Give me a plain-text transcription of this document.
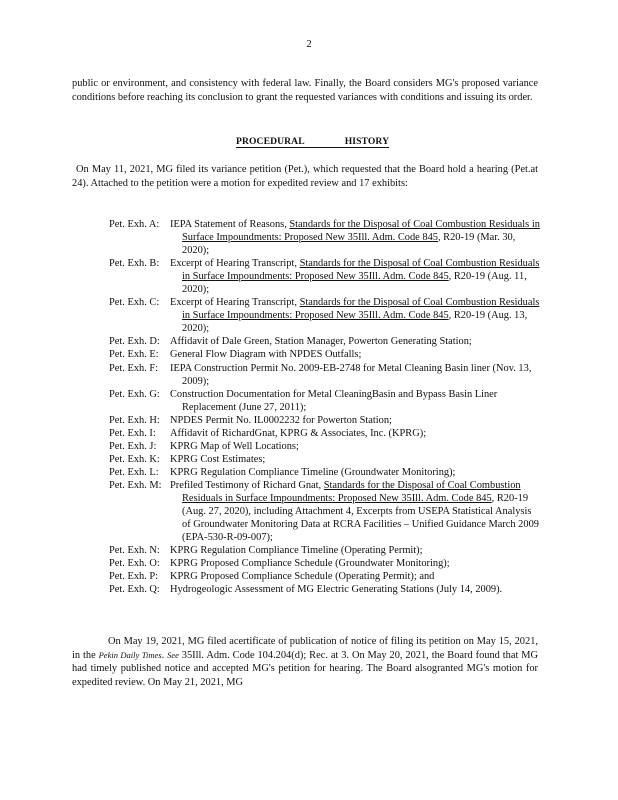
2
public or environment, and consistency with federal law. Finally, the Board considers MG's proposed variance conditions before reaching its conclusion to grant the requested variances with conditions and issuing its order.
PROCEDURAL	HISTORY
On May 11, 2021, MG filed its variance petition (Pet.), which requested that the Board hold a hearing (Pet.at 24). Attached to the petition were a motion for expedited review and 17 exhibits:
Pet. Exh. A:	IEPA Statement of Reasons, Standards for the Disposal of Coal Combustion Residuals in Surface Impoundments: Proposed New 35Ill. Adm. Code 845, R20-19 (Mar. 30, 2020);
Pet. Exh. B:	Excerpt of Hearing Transcript, Standards for the Disposal of Coal Combustion Residuals in Surface Impoundments: Proposed New 35Ill. Adm. Code 845, R20-19 (Aug. 11, 2020);
Pet. Exh. C:	Excerpt of Hearing Transcript, Standards for the Disposal of Coal Combustion Residuals in Surface Impoundments: Proposed New 35Ill. Adm. Code 845, R20-19 (Aug. 13, 2020);
Pet. Exh. D: Affidavit of Dale Green, Station Manager, Powerton Generating Station;
Pet. Exh. E:	General Flow Diagram with NPDES Outfalls;
Pet. Exh. F:	IEPA Construction Permit No. 2009-EB-2748 for Metal Cleaning Basin liner (Nov. 13, 2009);
Pet. Exh. G: Construction Documentation for Metal CleaningBasin and Bypass Basin Liner Replacement (June 27, 2011);
Pet. Exh. H: NPDES Permit No. IL0002232 for Powerton Station;
Pet. Exh. I:	Affidavit of RichardGnat, KPRG & Associates, Inc. (KPRG);
Pet. Exh. J:	KPRG Map of Well Locations;
Pet. Exh. K: KPRG Cost Estimates;
Pet. Exh. L:	KPRG Regulation Compliance Timeline (Groundwater Monitoring);
Pet. Exh. M: Prefiled Testimony of Richard Gnat, Standards for the Disposal of Coal Combustion Residuals in Surface Impoundments: Proposed New 35Ill. Adm. Code 845, R20-19 (Aug. 27, 2020), including Attachment 4, Excerpts from USEPA Statistical Analysis of Groundwater Monitoring Data at RCRA Facilities – Unified Guidance March 2009 (EPA-530-R-09-007);
Pet. Exh. N: KPRG Regulation Compliance Timeline (Operating Permit);
Pet. Exh. O: KPRG Proposed Compliance Schedule (Groundwater Monitoring);
Pet. Exh. P:	KPRG Proposed Compliance Schedule (Operating Permit); and
Pet. Exh. Q: Hydrogeologic Assessment of MG Electric Generating Stations (July 14, 2009).
On May 19, 2021, MG filed acertificate of publication of notice of filing its petition on May 15, 2021, in the Pekin Daily Times. See 35Ill. Adm. Code 104.204(d); Rec. at 3. On May 20, 2021, the Board found that MG had timely published notice and accepted MG's petition for hearing. The Board alsogranted MG's motion for expedited review. On May 21, 2021, MG
